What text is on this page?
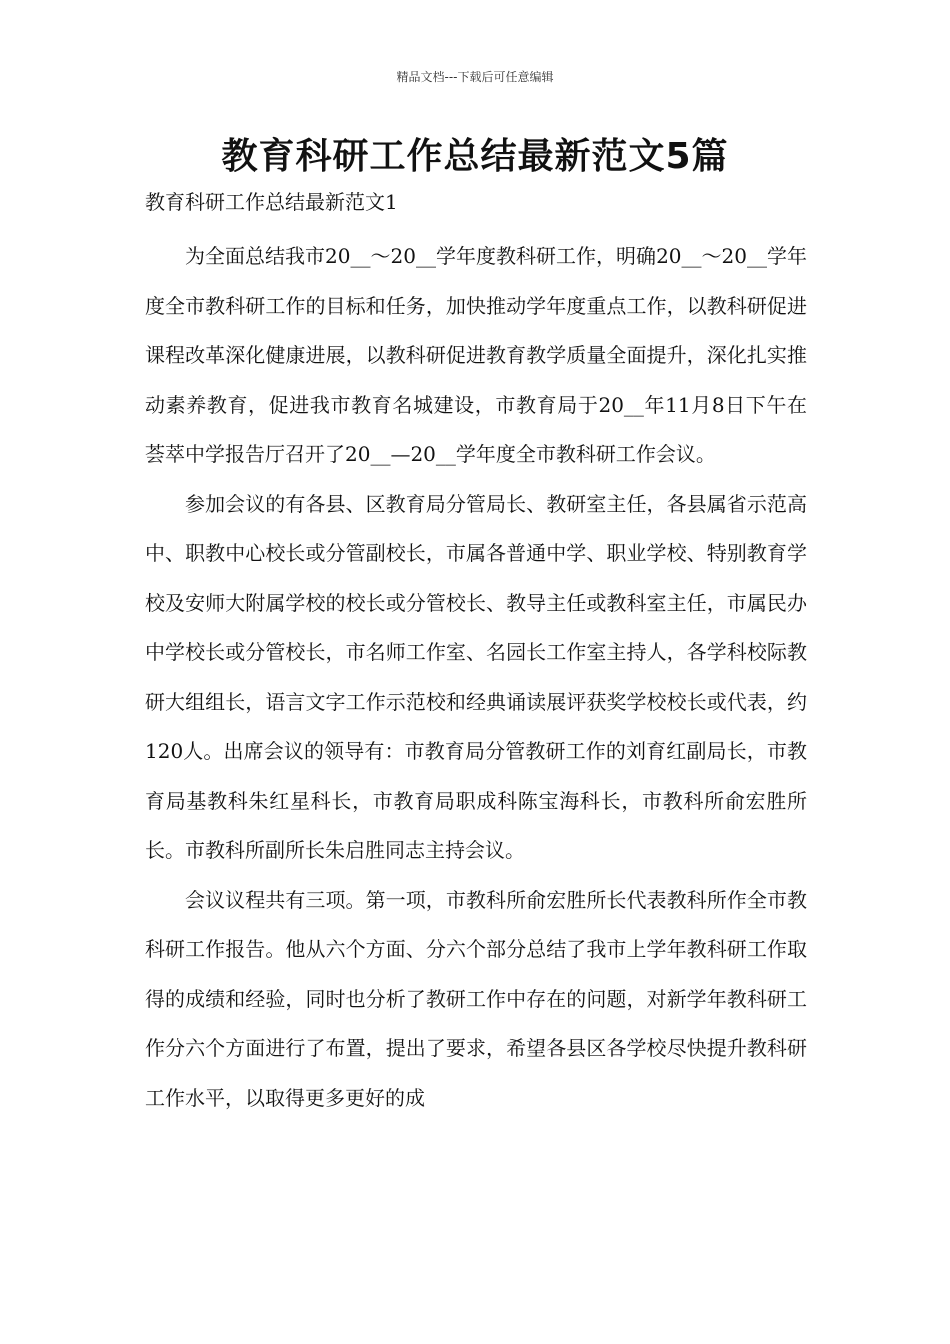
精品文档---下载后可任意编辑
教育科研工作总结最新范文5篇

教育科研工作总结最新范文1

为全面总结我市20__～20__学年度教科研工作，明确20__～20__学年度全市教科研工作的目标和任务，加快推动学年度重点工作，以教科研促进课程改革深化健康进展，以教科研促进教育教学质量全面提升，深化扎实推动素养教育，促进我市教育名城建设，市教育局于20__年11月8日下午在荟萃中学报告厅召开了20__—20__学年度全市教科研工作会议。

参加会议的有各县、区教育局分管局长、教研室主任，各县属省示范高中、职教中心校长或分管副校长，市属各普通中学、职业学校、特别教育学校及安师大附属学校的校长或分管校长、教导主任或教科室主任，市属民办中学校长或分管校长，市名师工作室、名园长工作室主持人，各学科校际教研大组组长，语言文字工作示范校和经典诵读展评获奖学校校长或代表，约120人。出席会议的领导有：市教育局分管教研工作的刘育红副局长，市教育局基教科朱红星科长，市教育局职成科陈宝海科长，市教科所俞宏胜所长。市教科所副所长朱启胜同志主持会议。

会议议程共有三项。第一项，市教科所俞宏胜所长代表教科所作全市教科研工作报告。他从六个方面、分六个部分总结了我市上学年教科研工作取得的成绩和经验，同时也分析了教研工作中存在的问题，对新学年教科研工作分六个方面进行了布置，提出了要求，希望各县区各学校尽快提升教科研工作水平，以取得更多更好的成
